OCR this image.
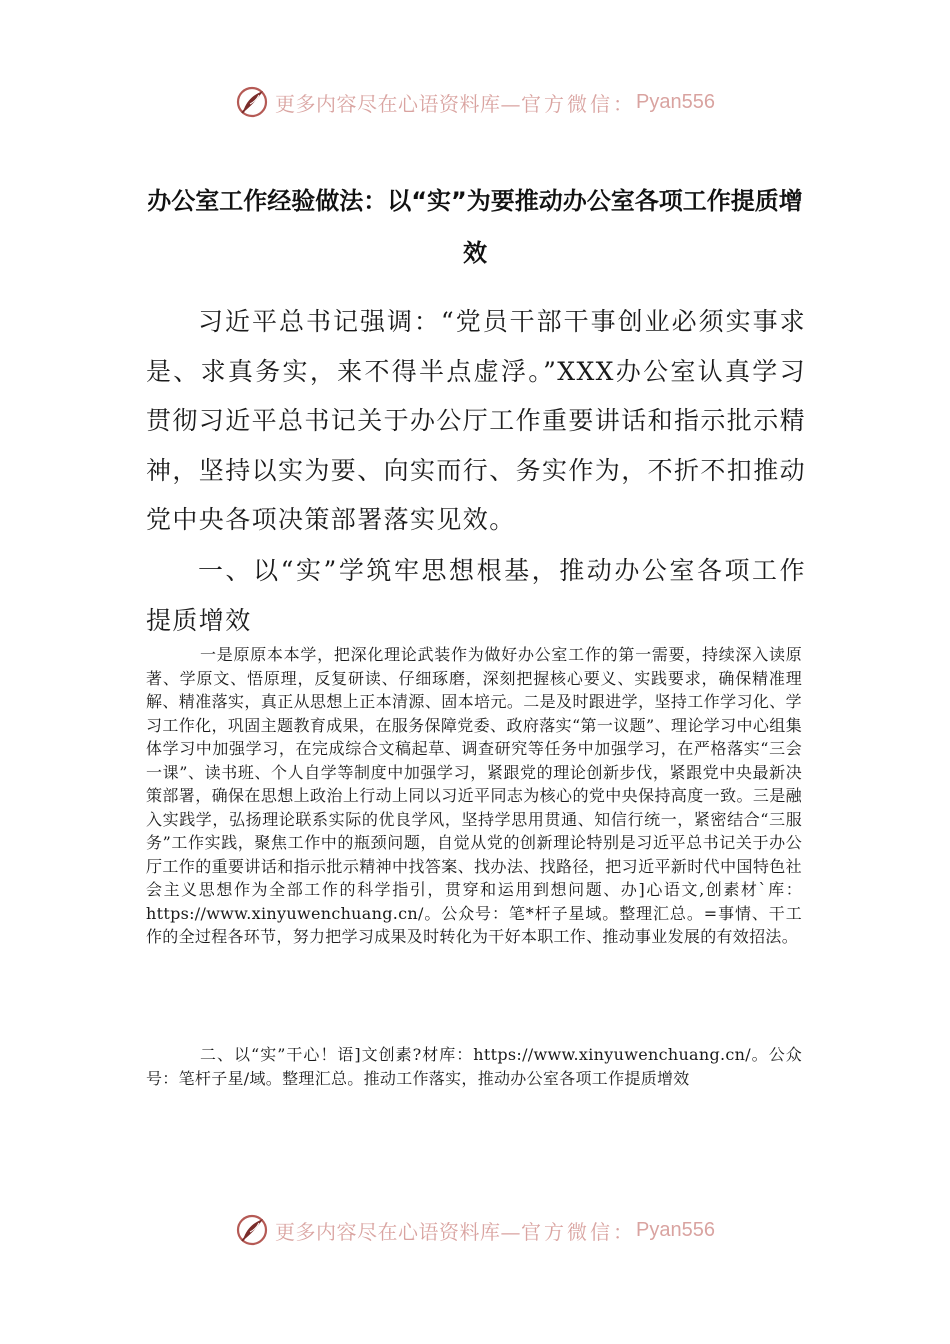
更多内容尽在心语资料库— 官方微信： Pyan556
办公室工作经验做法：以“实”为要推动办公室各项工作提质增效

习近平总书记强调：“党员干部干事创业必须实事求是、求真务实，来不得半点虚浮。”XXX办公室认真学习贯彻习近平总书记关于办公厅工作重要讲话和指示批示精神，坚持以实为要、向实而行、务实作为，不折不扣推动党中央各项决策部署落实见效。

一、以“实”学筑牢思想根基，推动办公室各项工作提质增效

一是原原本本学，把深化理论武装作为做好办公室工作的第一需要，持续深入读原著、学原文、悟原理，反复研读、仔细琢磨，深刻把握核心要义、实践要求，确保精准理解、精准落实，真正从思想上正本清源、固本培元。二是及时跟进学，坚持工作学习化、学习工作化，巩固主题教育成果，在服务保障党委、政府落实“第一议题”、理论学习中心组集体学习中加强学习，在完成综合文稿起草、调查研究等任务中加强学习，在严格落实“三会一课”、读书班、个人自学等制度中加强学习，紧跟党的理论创新步伐，紧跟党中央最新决策部署，确保在思想上政治上行动上同以习近平同志为核心的党中央保持高度一致。三是融入实践学，弘扬理论联系实际的优良学风，坚持学思用贯通、知信行统一，紧密结合“三服务”工作实践，聚焦工作中的瓶颈问题，自觉从党的创新理论特别是习近平总书记关于办公厅工作的重要讲话和指示批示精神中找答案、找办法、找路径，把习近平新时代中国特色社会主义思想作为全部工作的科学指引，贯穿和运用到想问题、办]心语文,创素材`库：https://www.xinyuwenchuang.cn/。公众号：笔*杆子星域。整理汇总。=事情、干工作的全过程各环节，努力把学习成果及时转化为干好本职工作、推动事业发展的有效招法。

二、以“实”干心！语]文创素?材库：https://www.xinyuwenchuang.cn/。公众号：笔杆子星/域。整理汇总。推动工作落实，推动办公室各项工作提质增效

更多内容尽在心语资料库— 官方微信： Pyan556
